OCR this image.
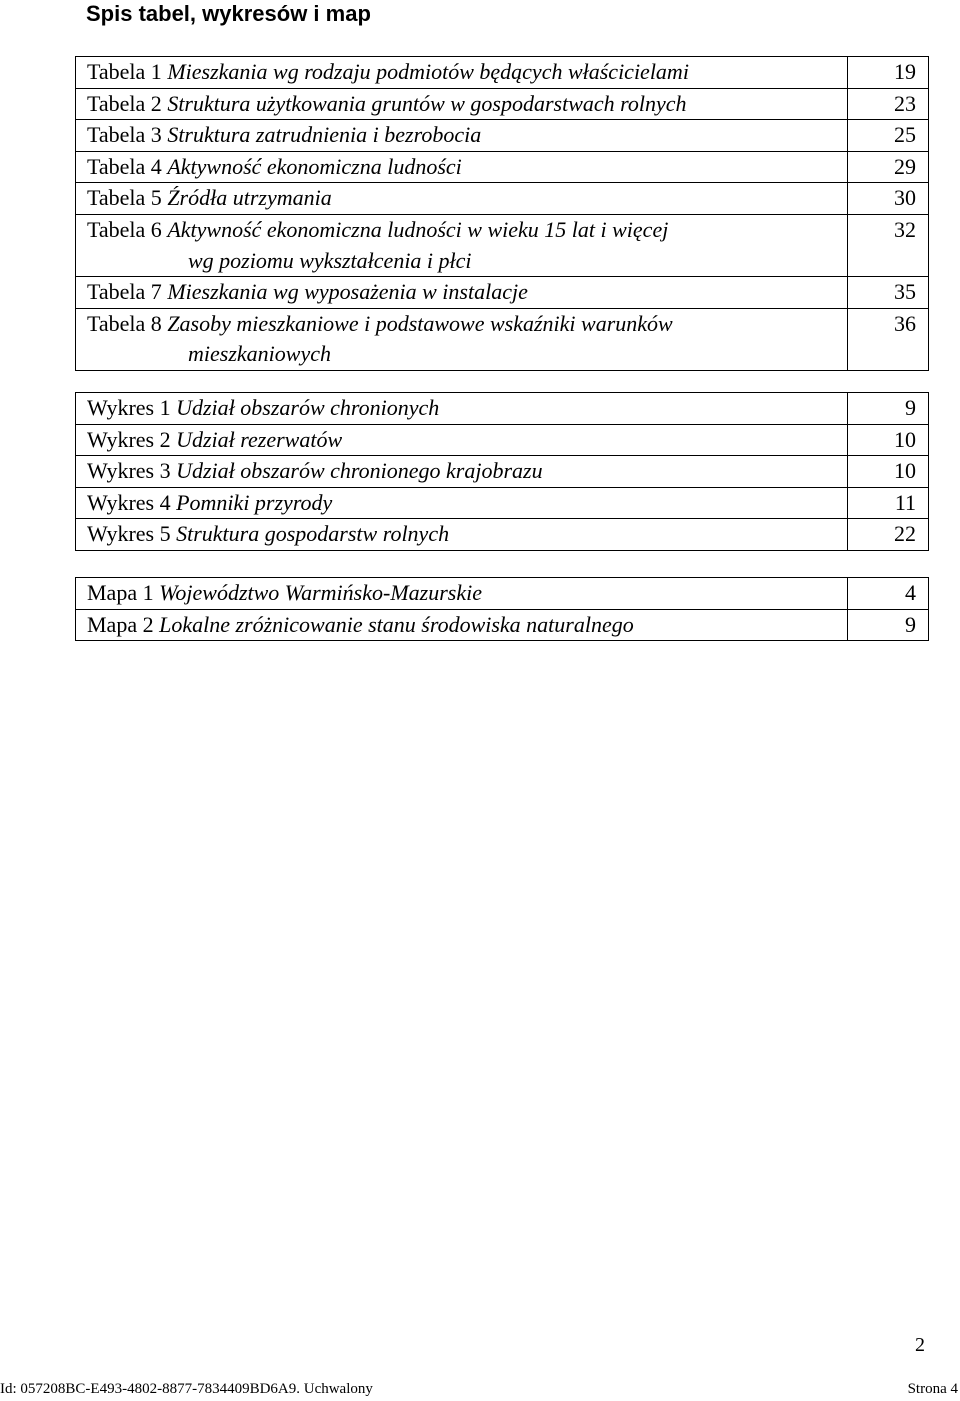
Spis tabel, wykresów i map
Tabela 1 Mieszkania wg rodzaju podmiotów będących właścicielami	19
Tabela 2 Struktura użytkowania gruntów w gospodarstwach rolnych	23
Tabela 3 Struktura zatrudnienia i bezrobocia	25
Tabela 4 Aktywność ekonomiczna ludności	29
Tabela 5 Źródła utrzymania	30
Tabela 6 Aktywność ekonomiczna ludności w wieku 15 lat i więcej
wg poziomu wykształcenia i płci	32
Tabela 7 Mieszkania wg wyposażenia w instalacje	35
Tabela 8 Zasoby mieszkaniowe i podstawowe wskaźniki warunków
mieszkaniowych	36
Wykres 1 Udział obszarów chronionych	9
Wykres 2 Udział rezerwatów	10
Wykres 3 Udział obszarów chronionego krajobrazu	10
Wykres 4 Pomniki przyrody	11
Wykres 5 Struktura gospodarstw rolnych	22
Mapa 1 Województwo Warmińsko-Mazurskie	4
Mapa 2 Lokalne zróżnicowanie stanu środowiska naturalnego	9
2
Id: 057208BC-E493-4802-8877-7834409BD6A9. Uchwalony	Strona 4
